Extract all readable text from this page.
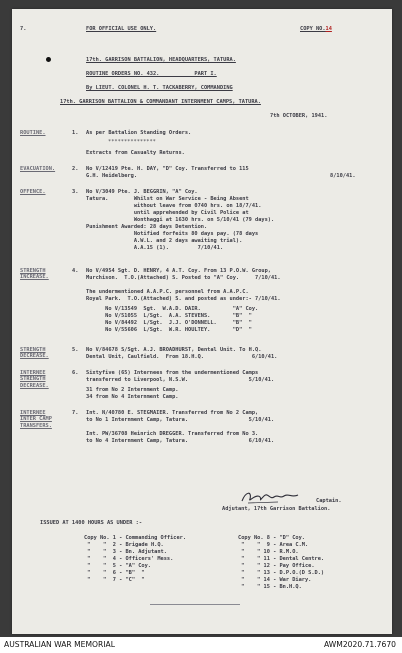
7.	FOR OFFICIAL USE ONLY.	COPY NO.14
17th. GARRISON BATTALION, HEADQUARTERS, TATURA.
ROUTINE ORDERS NO. 432.           PART I.
By LIEUT. COLONEL H. T. TACKABERRY, COMMANDING
17th. GARRISON BATTALION & COMMANDANT INTERNMENT CAMPS, TATURA.
7th OCTOBER, 1941.
ROUTINE.	1. As per Battalion Standing Orders.
***************
Extracts from Casualty Returns.
EVACUATION.	2. No V/12419 Pte. H. DAY, "D" Coy. Transferred to 115
G.H. Heidelberg.	8/10/41.
OFFENCE.	3. No V/3049 Pte. J. BEGGRIN, "A" Coy.
Tatura.        Whilst on War Service - Being Absent
without leave from 0740 hrs. on 18/7/41.
until apprehended by Civil Police at
Wonthaggi at 1630 hrs. on 5/10/41 (79 days).
Punishment Awarded: 28 days Detention.
Notified forfeits 80 days pay. (78 days
A.W.L. and 2 days awaiting trial).
A.A.15 (1).         7/10/41.
STRENGTH
INCREASE.
4. No V/4954 Sgt. D. HENRY, 4 A.T. Coy. From 13 P.O.W. Group,
Murchison.  T.O.(Attached) S. Posted to "A" Coy.     7/10/41.
The undermentioned A.A.P.C. personnel from A.A.P.C.
Royal Park.  T.O.(Attached) S. and posted as under:- 7/10/41.
No V/13549  Sgt.  W.A.D. DAIR.          "A" Coy.
No V/51055  L/Sgt.  A.A. STEVENS.       "B"  "
No V/84492  L/Sgt.  J.J. O'DONNELL.     "B"  "
No V/55606  L/Sgt.  W.R. HOULTEY.       "D"  "
STRENGTH
DECREASE.
5. No V/84678 S/Sgt. A.J. BROADHURST, Dental Unit. To H.Q.
Dental Unit, Caulfield.  From 18.H.Q.               6/10/41.
INTERNEE
STRENGTH
DECREASE.
6. Sixtyfive (65) Internees from the undermentioned Camps
transferred to Liverpool, N.S.W.                   5/10/41.
31 from No 2 Internment Camp.
34 from No 4 Internment Camp.
INTERNEE
INTER CAMP
TRANSFERS.
7. Int. N/40780 E. STEGMAIER. Transferred from No 2 Camp,
to No 1 Internment Camp, Tatura.                   5/10/41.
Int. PW/36708 Heinrich DREGGER. Transferred from No 3.
to No 4 Internment Camp, Tatura.                   6/10/41.
Captain.
Adjutant, 17th Garrison Battalion.
ISSUED AT 1400 HOURS AS UNDER :-
Copy No. 1 - Commanding Officer.
"    "  2 - Brigade H.Q.
"    "  3 - Bn. Adjutant.
"    "  4 - Officers' Mess.
"    "  5 - "A" Coy.
"    "  6 - "B"  "
"    "  7 - "C"  "
Copy No. 8 - "D" Coy.
"    "  9 - Area C.M.
"    " 10 - R.M.O.
"    " 11 - Dental Centre.
"    " 12 - Pay Office.
"    " 13 - D.P.O.(D S.D.)
"    " 14 - War Diary.
"    " 15 - Bn.H.Q.
AUSTRALIAN WAR MEMORIAL	AWM2020.71.7670
